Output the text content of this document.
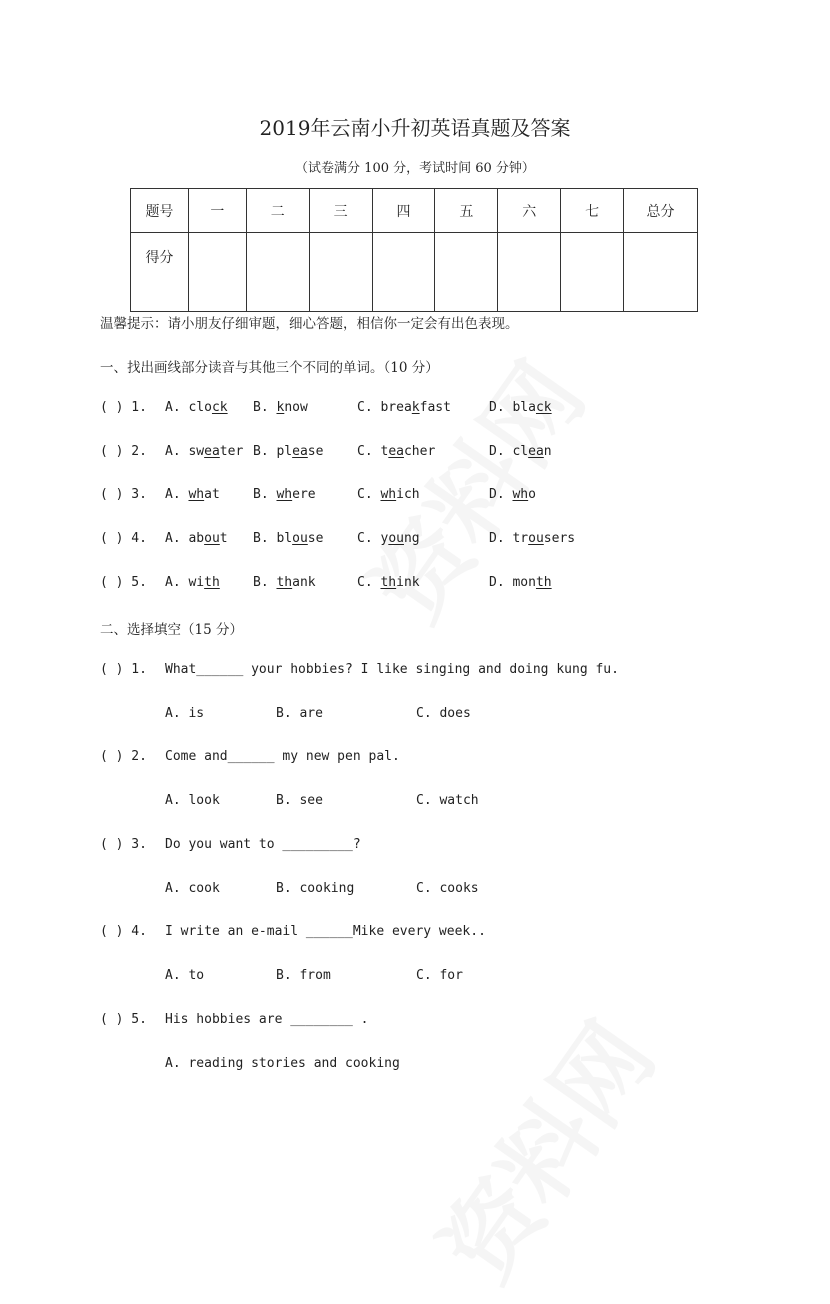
2019年云南小升初英语真题及答案
（试卷满分 100 分，考试时间 60 分钟）
题号	一	二	三	四	五	六	七	总分
得分								
温馨提示：请小朋友仔细审题，细心答题，相信你一定会有出色表现。
一、找出画线部分读音与其他三个不同的单词。（10 分）
( ) 1. A. clock B. know	C. breakfast	D. black
( ) 2. A. sweater B. please	C. teacher	D. clean
( ) 3. A. what	B. where	C. which	D. who
( ) 4. A. about B. blouse	C. young	D. trousers
( ) 5. A. with	B. thank	C. think	D. month
二、选择填空（15 分）
( ) 1. What______ your hobbies? I like singing and doing kung fu.
A. is	B. are	C. does
( ) 2. Come and______ my new pen pal.
A. look	B. see	C. watch
( ) 3. Do you want to _________?
A. cook	B. cooking	C. cooks
( ) 4. I write an e-mail ______Mike every week..
A. to	B. from	C. for
( ) 5. His hobbies are ________ .
A. reading stories and cooking
